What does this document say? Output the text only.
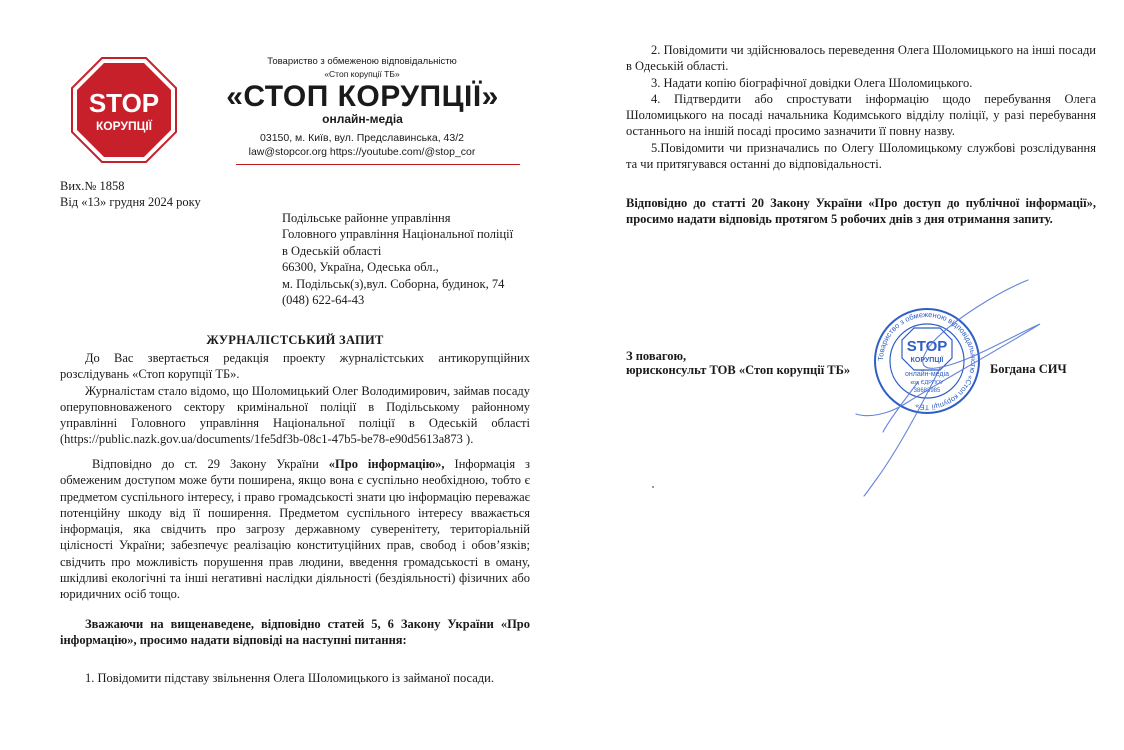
STOP
КОРУПЦІЇ
Товариство з обмеженою відповідальністю
«Стоп корупції ТБ»
«СТОП КОРУПЦІЇ»
онлайн-медіа
03150, м. Київ, вул. Предславинська, 43/2
law@stopcor.org https://youtube.com/@stop_cor
Вих.№ 1858
Від «13» грудня 2024 року
Подільське районне управління
Головного управління Національної поліції
в Одеській області
66300, Україна, Одеська обл.,
м. Подільськ(з),вул. Соборна, будинок, 74
(048) 622-64-43
ЖУРНАЛІСТСЬКИЙ ЗАПИТ

До Вас звертається редакція проекту журналістських антикорупційних розслідувань «Стоп корупції ТБ».

Журналістам стало відомо, що Шоломицький Олег Володимирович, займав посаду оперуповноваженого сектору кримінальної поліції в Подільському районному управлінні Головного управління Національної поліції в Одеській області (https://public.nazk.gov.ua/documents/1fe5df3b-08c1-47b5-be78-e90d5613a873 ).

Відповідно до ст. 29 Закону України «Про інформацію», Інформація з обмеженим доступом може бути поширена, якщо вона є суспільно необхідною, тобто є предметом суспільного інтересу, і право громадськості знати цю інформацію переважає потенційну шкоду від її поширення. Предметом суспільного інтересу вважається інформація, яка свідчить про загрозу державному суверенітету, територіальній цілісності України; забезпечує реалізацію конституційних прав, свобод і обов’язків; свідчить про можливість порушення прав людини, введення громадськості в оману, шкідливі екологічні та інші негативні наслідки діяльності (бездіяльності) фізичних або юридичних осіб тощо.

Зважаючи на вищенаведене, відповідно статей 5, 6 Закону України «Про інформацію», просимо надати відповіді на наступні питання:

1. Повідомити підставу звільнення Олега Шоломицького із займаної посади.

2. Повідомити чи здійснювалось переведення Олега Шоломицького на інші посади в Одеській області.

3. Надати копію біографічної довідки Олега Шоломицького.

4. Підтвердити або спростувати інформацію щодо перебування Олега Шоломицького на посаді начальника Кодимського відділу поліції, у разі перебування останнього на іншій посаді просимо зазначити її повну назву.

5.Повідомити чи призначались по Олегу Шоломицькому службові розслідування та чи притягувався останні до відповідальності.

Відповідно до статті 20 Закону України «Про доступ до публічної інформації», просимо надати відповідь протягом 5 робочих днів з дня отримання запиту.
З повагою,
юрисконсульт ТОВ «Стоп корупції ТБ»	Богдана СИЧ
Товариство з обмеженою відповідальністю «Стоп корупції ТБ»
STOP
КОРУПЦІЇ
онлайн-медіа
код ЄДРПОУ
38683985
